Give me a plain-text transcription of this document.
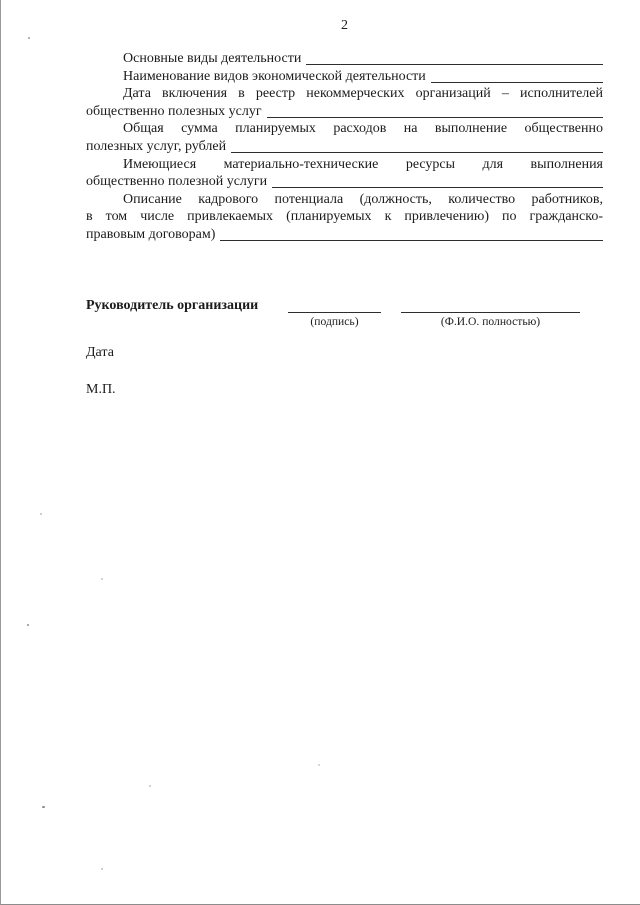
2
Основные виды деятельности
Наименование видов экономической деятельности
Дата включения в реестр некоммерческих организаций – исполнителей
общественно полезных услуг
Общая сумма планируемых расходов на выполнение общественно
полезных услуг, рублей
Имеющиеся материально-технические ресурсы для выполнения
общественно полезной услуги
Описание кадрового потенциала (должность, количество работников,
в том числе привлекаемых (планируемых к привлечению) по гражданско-
правовым договорам)
Руководитель организации
(подпись)	(Ф.И.О. полностью)
Дата
М.П.
